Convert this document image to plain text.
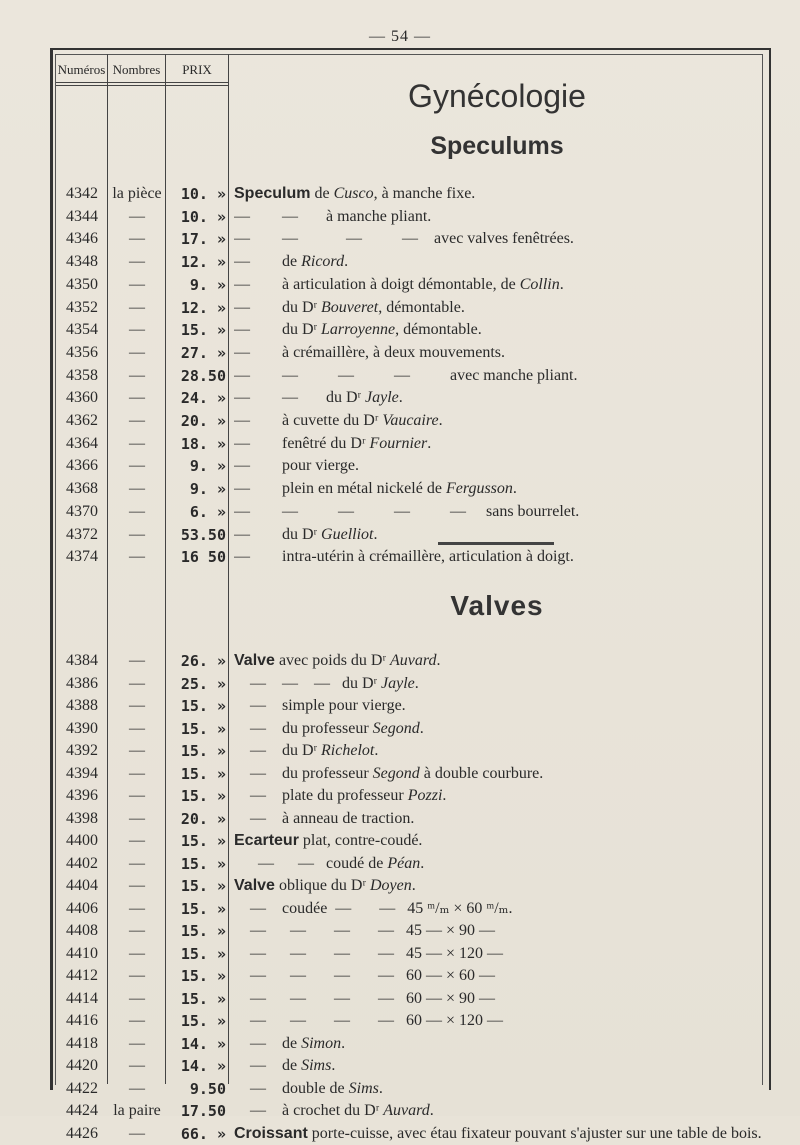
— 54 —
Numéros Nombres	PRIX
Gynécologie
Speculums
Valves
4342 la pièce	10. » Speculum de Cusco, à manche fixe.
4344	—	10. » —        —       à manche pliant.
4346	—	17. » —        —            —          —    avec valves fenêtrées.
4348	—	12. » —        de Ricord.
4350	—	9. » —        à articulation à doigt démontable, de Collin.
4352	—	12. » —        du Dʳ Bouveret, démontable.
4354	—	15. » —        du Dʳ Larroyenne, démontable.
4356	—	27. » —        à crémaillère, à deux mouvements.
4358	—	28.50 —        —          —          —          avec manche pliant.
4360	—	24. » —        —       du Dʳ Jayle.
4362	—	20. » —        à cuvette du Dʳ Vaucaire.
4364	—	18. » —        fenêtré du Dʳ Fournier.
4366	—	9. » —        pour vierge.
4368	—	9. » —        plein en métal nickelé de Fergusson.
4370	—	6. » —        —          —          —          —     sans bourrelet.
4372	—	53.50 —        du Dʳ Guelliot.
4374	—	16 50 —        intra-utérin à crémaillère, articulation à doigt.
4384	—	26. » Valve avec poids du Dʳ Auvard.
4386	—	25. » —    —    —   du Dʳ Jayle.
4388	—	15. » —    simple pour vierge.
4390	—	15. » —    du professeur Segond.
4392	—	15. » —    du Dʳ Richelot.
4394	—	15. » —    du professeur Segond à double courbure.
4396	—	15. » —    plate du professeur Pozzi.
4398	—	20. » —    à anneau de traction.
4400	—	15. » Ecarteur plat, contre-coudé.
4402	—	15. » —      —   coudé de Péan.
4404	—	15. » Valve oblique du Dʳ Doyen.
4406	—	15. » —    coudée  —       —   45 ᵐ/ₘ × 60 ᵐ/ₘ.
4408	—	15. » —      —       —       —   45 — × 90 —
4410	—	15. » —      —       —       —   45 — × 120 —
4412	—	15. » —      —       —       —   60 — × 60 —
4414	—	15. » —      —       —       —   60 — × 90 —
4416	—	15. » —      —       —       —   60 — × 120 —
4418	—	14. » —    de Simon.
4420	—	14. » —    de Sims.
4422	—	9.50 —    double de Sims.
4424 la paire	17.50 —    à crochet du Dʳ Auvard.
4426	—	66. » Croissant porte-cuisse, avec étau fixateur pouvant s'ajuster sur une table de bois.
